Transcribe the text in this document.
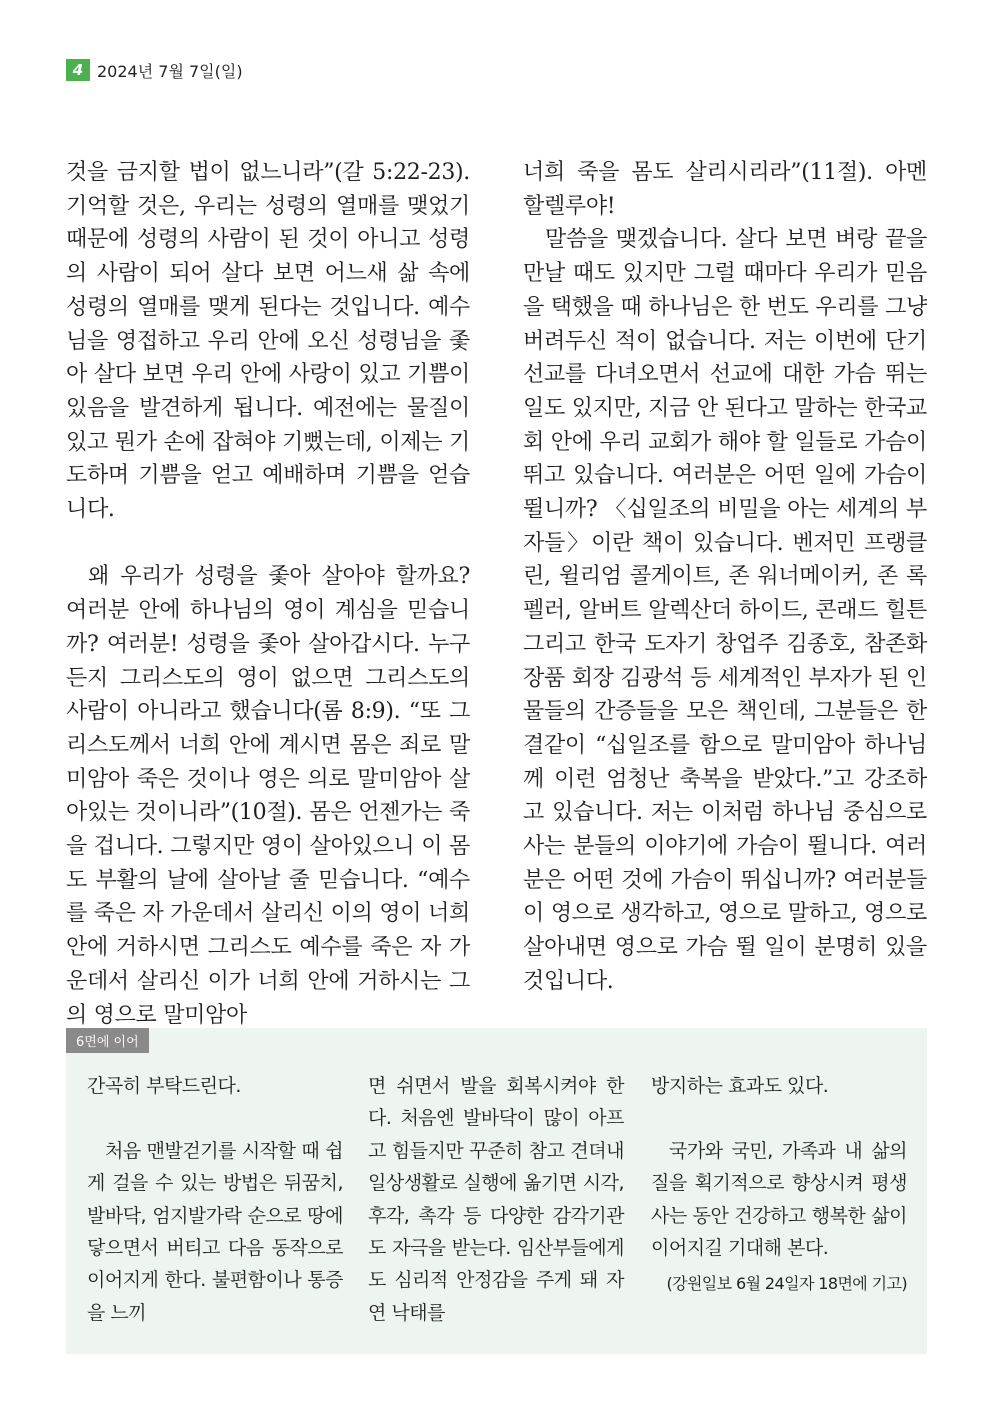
4 2024년 7월 7일(일)

것을 금지할 법이 없느니라”(갈 5:22-23). 기억할 것은, 우리는 성령의 열매를 맺었기 때문에 성령의 사람이 된 것이 아니고 성령의 사람이 되어 살다 보면 어느새 삶 속에 성령의 열매를 맺게 된다는 것입니다. 예수님을 영접하고 우리 안에 오신 성령님을 좇아 살다 보면 우리 안에 사랑이 있고 기쁨이 있음을 발견하게 됩니다. 예전에는 물질이 있고 뭔가 손에 잡혀야 기뻤는데, 이제는 기도하며 기쁨을 얻고 예배하며 기쁨을 얻습니다.

왜 우리가 성령을 좇아 살아야 할까요? 여러분 안에 하나님의 영이 계심을 믿습니까? 여러분! 성령을 좇아 살아갑시다. 누구든지 그리스도의 영이 없으면 그리스도의 사람이 아니라고 했습니다(롬 8:9). “또 그리스도께서 너희 안에 계시면 몸은 죄로 말미암아 죽은 것이나 영은 의로 말미암아 살아있는 것이니라”(10절). 몸은 언젠가는 죽을 겁니다. 그렇지만 영이 살아있으니 이 몸도 부활의 날에 살아날 줄 믿습니다. “예수를 죽은 자 가운데서 살리신 이의 영이 너희 안에 거하시면 그리스도 예수를 죽은 자 가운데서 살리신 이가 너희 안에 거하시는 그의 영으로 말미암아

너희 죽을 몸도 살리시리라”(11절). 아멘 할렐루야!

말씀을 맺겠습니다. 살다 보면 벼랑 끝을 만날 때도 있지만 그럴 때마다 우리가 믿음을 택했을 때 하나님은 한 번도 우리를 그냥 버려두신 적이 없습니다. 저는 이번에 단기선교를 다녀오면서 선교에 대한 가슴 뛰는 일도 있지만, 지금 안 된다고 말하는 한국교회 안에 우리 교회가 해야 할 일들로 가슴이 뛰고 있습니다. 여러분은 어떤 일에 가슴이 뛸니까? 〈십일조의 비밀을 아는 세계의 부자들〉이란 책이 있습니다. 벤저민 프랭클린, 윌리엄 콜게이트, 존 워너메이커, 존 록펠러, 알버트 알렉산더 하이드, 콘래드 힐튼 그리고 한국 도자기 창업주 김종호, 참존화장품 회장 김광석 등 세계적인 부자가 된 인물들의 간증들을 모은 책인데, 그분들은 한결같이 “십일조를 함으로 말미암아 하나님께 이런 엄청난 축복을 받았다.”고 강조하고 있습니다. 저는 이처럼 하나님 중심으로 사는 분들의 이야기에 가슴이 뛸니다. 여러분은 어떤 것에 가슴이 뛰십니까? 여러분들이 영으로 생각하고, 영으로 말하고, 영으로 살아내면 영으로 가슴 뛸 일이 분명히 있을 것입니다.

6면에 이어

간곡히 부탁드린다.

처음 맨발걷기를 시작할 때 쉽게 걸을 수 있는 방법은 뒤꿈치, 발바닥, 엄지발가락 순으로 땅에 닿으면서 버티고 다음 동작으로 이어지게 한다. 불편함이나 통증을 느끼

면 쉬면서 발을 회복시켜야 한다. 처음엔 발바닥이 많이 아프고 힘들지만 꾸준히 참고 견뎌내 일상생활로 실행에 옮기면 시각, 후각, 촉각 등 다양한 감각기관도 자극을 받는다. 임산부들에게도 심리적 안정감을 주게 돼 자연 낙태를

방지하는 효과도 있다.

국가와 국민, 가족과 내 삶의 질을 획기적으로 향상시켜 평생 사는 동안 건강하고 행복한 삶이 이어지길 기대해 본다.

(강원일보 6월 24일자 18면에 기고)
